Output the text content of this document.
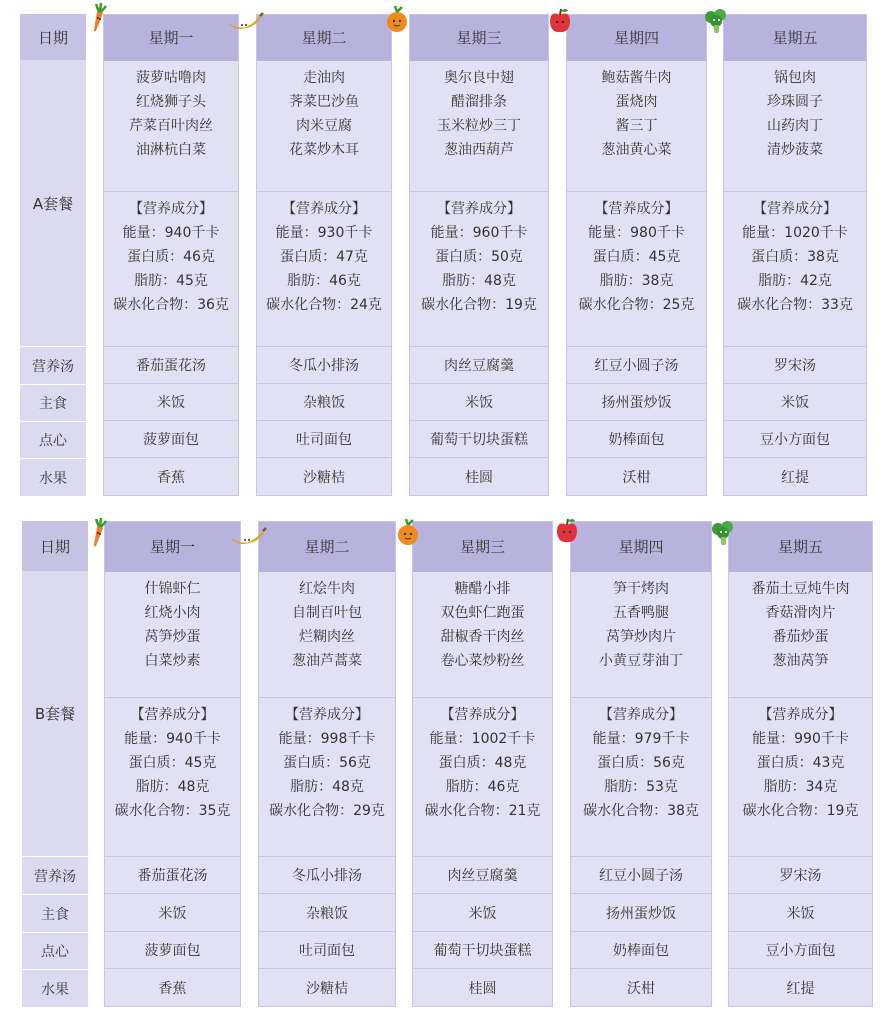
日期
A套餐
营养汤
主食
点心
水果
星期一
菠萝咕噜肉
红烧狮子头
芹菜百叶肉丝
油淋杭白菜
【营养成分】
能量：940千卡
蛋白质：46克
脂肪：45克
碳水化合物：36克
番茄蛋花汤
米饭
菠萝面包
香蕉
星期二
走油肉
荠菜巴沙鱼
肉米豆腐
花菜炒木耳
【营养成分】
能量：930千卡
蛋白质：47克
脂肪：46克
碳水化合物：24克
冬瓜小排汤
杂粮饭
吐司面包
沙糖桔
星期三
奥尔良中翅
醋溜排条
玉米粒炒三丁
葱油西葫芦
【营养成分】
能量：960千卡
蛋白质：50克
脂肪：48克
碳水化合物：19克
肉丝豆腐羹
米饭
葡萄干切块蛋糕
桂圆
星期四
鲍菇酱牛肉
蛋烧肉
酱三丁
葱油黄心菜
【营养成分】
能量：980千卡
蛋白质：45克
脂肪：38克
碳水化合物：25克
红豆小圆子汤
扬州蛋炒饭
奶棒面包
沃柑
星期五
锅包肉
珍珠圆子
山药肉丁
清炒菠菜
【营养成分】
能量：1020千卡
蛋白质：38克
脂肪：42克
碳水化合物：33克
罗宋汤
米饭
豆小方面包
红提
日期
B套餐
营养汤
主食
点心
水果
星期一
什锦虾仁
红烧小肉
莴笋炒蛋
白菜炒素
【营养成分】
能量：940千卡
蛋白质：45克
脂肪：48克
碳水化合物：35克
番茄蛋花汤
米饭
菠萝面包
香蕉
星期二
红烩牛肉
自制百叶包
烂糊肉丝
葱油芦蒿菜
【营养成分】
能量：998千卡
蛋白质：56克
脂肪：48克
碳水化合物：29克
冬瓜小排汤
杂粮饭
吐司面包
沙糖桔
星期三
糖醋小排
双色虾仁跑蛋
甜椒香干肉丝
卷心菜炒粉丝
【营养成分】
能量：1002千卡
蛋白质：48克
脂肪：46克
碳水化合物：21克
肉丝豆腐羹
米饭
葡萄干切块蛋糕
桂圆
星期四
笋干烤肉
五香鸭腿
莴笋炒肉片
小黄豆芽油丁
【营养成分】
能量：979千卡
蛋白质：56克
脂肪：53克
碳水化合物：38克
红豆小圆子汤
扬州蛋炒饭
奶棒面包
沃柑
星期五
番茄土豆炖牛肉
香菇滑肉片
番茄炒蛋
葱油莴笋
【营养成分】
能量：990千卡
蛋白质：43克
脂肪：34克
碳水化合物：19克
罗宋汤
米饭
豆小方面包
红提
